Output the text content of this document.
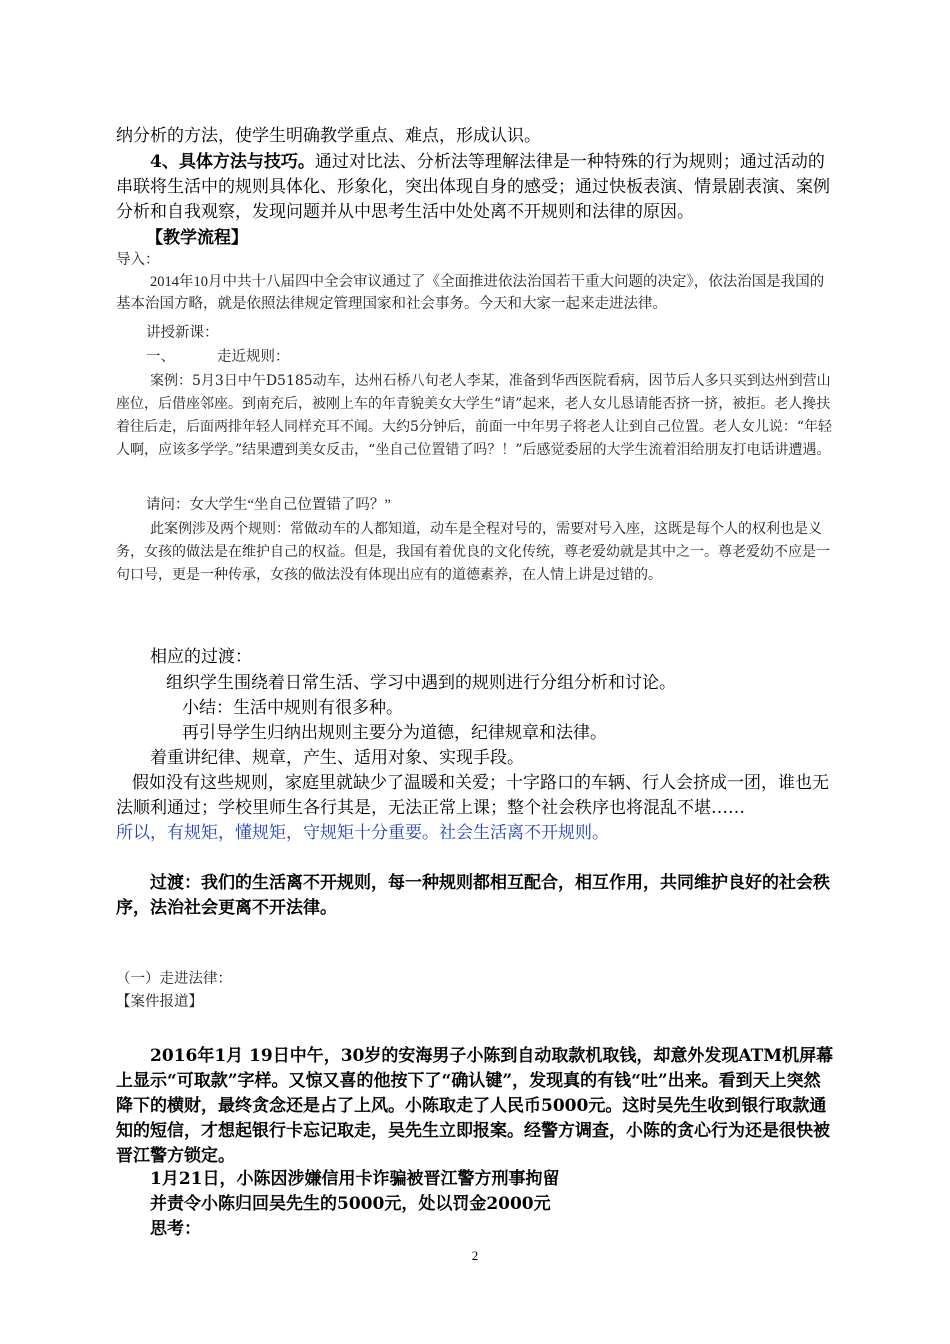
纳分析的方法，使学生明确教学重点、难点，形成认识。

4、具体方法与技巧。通过对比法、分析法等理解法律是一种特殊的行为规则；通过活动的串联将生活中的规则具体化、形象化，突出体现自身的感受；通过快板表演、情景剧表演、案例分析和自我观察，发现问题并从中思考生活中处处离不开规则和法律的原因。

【教学流程】

导入：

2014年10月中共十八届四中全会审议通过了《全面推进依法治国若干重大问题的决定》，依法治国是我国的基本治国方略，就是依照法律规定管理国家和社会事务。今天和大家一起来走进法律。

讲授新课：

一、	走近规则：

案例：5月3日中午D5185动车，达州石桥八旬老人李某，准备到华西医院看病，因节后人多只买到达州到营山座位，后借座邻座。到南充后，被刚上车的年青貌美女大学生“请”起来，老人女儿恳请能否挤一挤，被拒。老人搀扶着往后走，后面两排年轻人同样充耳不闻。大约5分钟后，前面一中年男子将老人让到自己位置。老人女儿说：“年轻人啊，应该多学学。”结果遭到美女反击，“坐自己位置错了吗？！”后感觉委屈的大学生流着泪给朋友打电话讲遭遇。

请问：女大学生“坐自己位置错了吗？”

此案例涉及两个规则：常做动车的人都知道，动车是全程对号的，需要对号入座，这既是每个人的权利也是义务，女孩的做法是在维护自己的权益。但是，我国有着优良的文化传统，尊老爱幼就是其中之一。尊老爱幼不应是一句口号，更是一种传承，女孩的做法没有体现出应有的道德素养，在人情上讲是过错的。

相应的过渡：

组织学生围绕着日常生活、学习中遇到的规则进行分组分析和讨论。

小结：生活中规则有很多种。

再引导学生归纳出规则主要分为道德，纪律规章和法律。

着重讲纪律、规章，产生、适用对象、实现手段。

假如没有这些规则，家庭里就缺少了温暖和关爱；十字路口的车辆、行人会挤成一团，谁也无法顺利通过；学校里师生各行其是，无法正常上课；整个社会秩序也将混乱不堪……

所以，有规矩，懂规矩，守规矩十分重要。社会生活离不开规则。

过渡：我们的生活离不开规则，每一种规则都相互配合，相互作用，共同维护良好的社会秩序，法治社会更离不开法律。

（一）走进法律：

【案件报道】

2016年1月 19日中午，30岁的安海男子小陈到自动取款机取钱，却意外发现ATM机屏幕上显示“可取款”字样。又惊又喜的他按下了“确认键”，发现真的有钱“吐”出来。看到天上突然降下的横财，最终贪念还是占了上风。小陈取走了人民币5000元。这时吴先生收到银行取款通知的短信，才想起银行卡忘记取走，吴先生立即报案。经警方调查，小陈的贪心行为还是很快被晋江警方锁定。

1月21日，小陈因涉嫌信用卡诈骗被晋江警方刑事拘留

并责令小陈归回吴先生的5000元，处以罚金2000元

思考：

2
